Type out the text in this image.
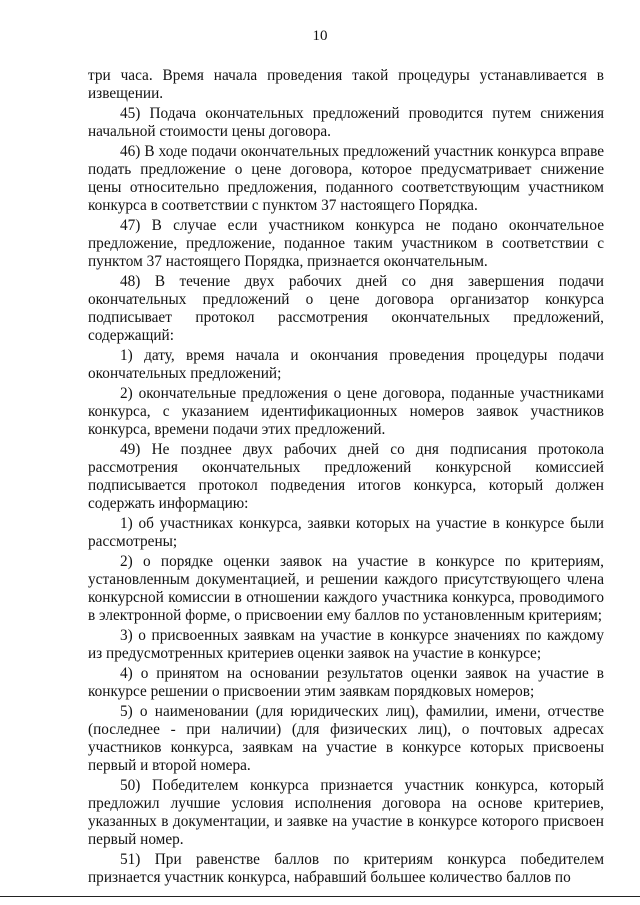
10

три часа. Время начала проведения такой процедуры устанавливается в извещении.

45) Подача окончательных предложений проводится путем снижения начальной стоимости цены договора.

46) В ходе подачи окончательных предложений участник конкурса вправе подать предложение о цене договора, которое предусматривает снижение цены относительно предложения, поданного соответствующим участником конкурса в соответствии с пунктом 37 настоящего Порядка.

47) В случае если участником конкурса не подано окончательное предложение, предложение, поданное таким участником в соответствии с пунктом 37 настоящего Порядка, признается окончательным.

48) В течение двух рабочих дней со дня завершения подачи окончательных предложений о цене договора организатор конкурса подписывает протокол рассмотрения окончательных предложений, содержащий:

1) дату, время начала и окончания проведения процедуры подачи окончательных предложений;

2) окончательные предложения о цене договора, поданные участниками конкурса, с указанием идентификационных номеров заявок участников конкурса, времени подачи этих предложений.

49) Не позднее двух рабочих дней со дня подписания протокола рассмотрения окончательных предложений конкурсной комиссией подписывается протокол подведения итогов конкурса, который должен содержать информацию:

1) об участниках конкурса, заявки которых на участие в конкурсе были рассмотрены;

2) о порядке оценки заявок на участие в конкурсе по критериям, установленным документацией, и решении каждого присутствующего члена конкурсной комиссии в отношении каждого участника конкурса, проводимого в электронной форме, о присвоении ему баллов по установленным критериям;

3) о присвоенных заявкам на участие в конкурсе значениях по каждому из предусмотренных критериев оценки заявок на участие в конкурсе;

4) о принятом на основании результатов оценки заявок на участие в конкурсе решении о присвоении этим заявкам порядковых номеров;

5) о наименовании (для юридических лиц), фамилии, имени, отчестве (последнее - при наличии) (для физических лиц), о почтовых адресах участников конкурса, заявкам на участие в конкурсе которых присвоены первый и второй номера.

50) Победителем конкурса признается участник конкурса, который предложил лучшие условия исполнения договора на основе критериев, указанных в документации, и заявке на участие в конкурсе которого присвоен первый номер.

51) При равенстве баллов по критериям конкурса победителем признается участник конкурса, набравший большее количество баллов по
